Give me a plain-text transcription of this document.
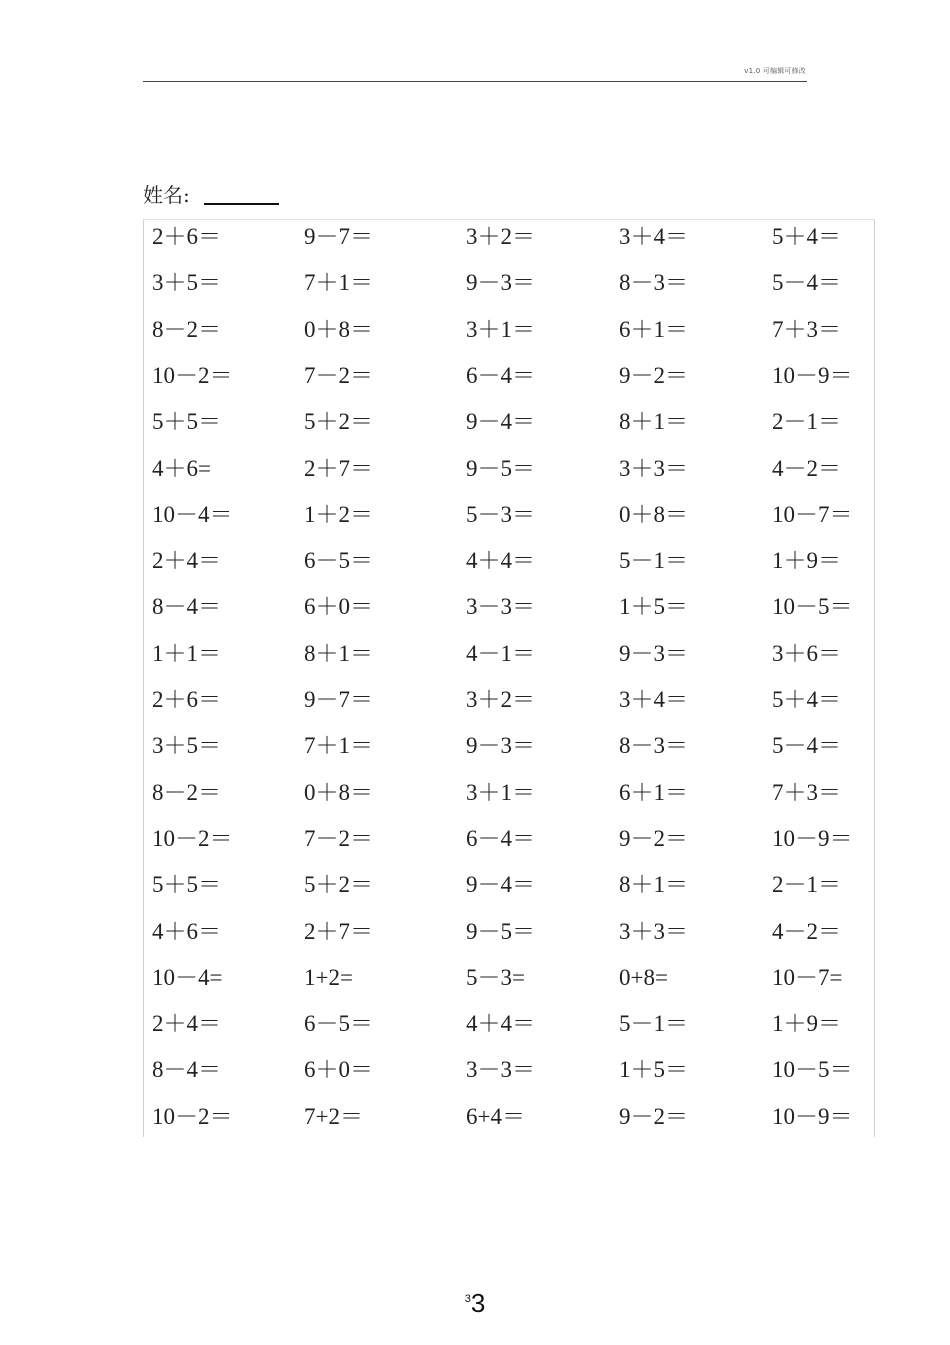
v1.0 可编辑可修改
姓名:
2＋6＝	9－7＝	3＋2＝	3＋4＝	5＋4＝
3＋5＝	7＋1＝	9－3＝	8－3＝	5－4＝
8－2＝	0＋8＝	3＋1＝	6＋1＝	7＋3＝
10－2＝	7－2＝	6－4＝	9－2＝	10－9＝
5＋5＝	5＋2＝	9－4＝	8＋1＝	2－1＝
4＋6=	2＋7＝	9－5＝	3＋3＝	4－2＝
10－4＝	1＋2＝	5－3＝	0＋8＝	10－7＝
2＋4＝	6－5＝	4＋4＝	5－1＝	1＋9＝
8－4＝	6＋0＝	3－3＝	1＋5＝	10－5＝
1＋1＝	8＋1＝	4－1＝	9－3＝	3＋6＝
2＋6＝	9－7＝	3＋2＝	3＋4＝	5＋4＝
3＋5＝	7＋1＝	9－3＝	8－3＝	5－4＝
8－2＝	0＋8＝	3＋1＝	6＋1＝	7＋3＝
10－2＝	7－2＝	6－4＝	9－2＝	10－9＝
5＋5＝	5＋2＝	9－4＝	8＋1＝	2－1＝
4＋6＝	2＋7＝	9－5＝	3＋3＝	4－2＝
10－4=	1+2=	5－3=	0+8=	10－7=
2＋4＝	6－5＝	4＋4＝	5－1＝	1＋9＝
8－4＝	6＋0＝	3－3＝	1＋5＝	10－5＝
10－2＝	7+2＝	6+4＝	9－2＝	10－9＝
$^3$3
